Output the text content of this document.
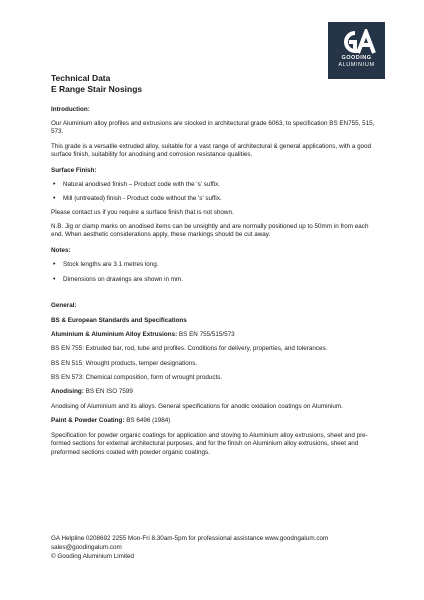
GOODING
ALUMINIUM
Technical Data
E Range Stair Nosings
Introduction:

Our Aluminium alloy profiles and extrusions are stocked in architectural grade 6063, to specification BS EN755, 515, 573.

This grade is a versatile extruded alloy, suitable for a vast range of architectural & general applications, with a good surface finish, suitability for anodising and corrosion resistance qualities.

Surface Finish:
• Natural anodised finish – Product code with the 's' suffix.
• Mill (untreated) finish - Product code without the 's' suffix.

Please contact us if you require a surface finish that is not shown.

N.B. Jig or clamp marks on anodised items can be unsightly and are normally positioned up to 50mm in from each end. When aesthetic considerations apply, these markings should be cut away.

Notes:
• Stock lengths are 3.1 metres long.
• Dimensions on drawings are shown in mm.
General:
BS & European Standards and Specifications

Aluminium & Aluminium Alloy Extrusions: BS EN 755/515/573

BS EN 755: Extruded bar, rod, tube and profiles. Conditions for delivery, properties, and tolerances.

BS EN 515: Wrought products, temper designations.

BS EN 573: Chemical composition, form of wrought products.

Anodising: BS EN ISO 7599

Anodising of Aluminium and its alloys. General specifications for anodic oxidation coatings on Aluminium.

Paint & Powder Coating: BS 6496 (1984)

Specification for powder organic coatings for application and stoving to Aluminium alloy extrusions, sheet and pre-formed sections for external architectural purposes, and for the finish on Aluminium alloy extrusions, sheet and preformed sections coated with powder organic coatings.

GA Helpline 0208692 2255 Mon-Fri 8.30am-5pm for professional assistance www.goodngalum.com

sales@goodingalum.com

© Gooding Aluminium Limited
